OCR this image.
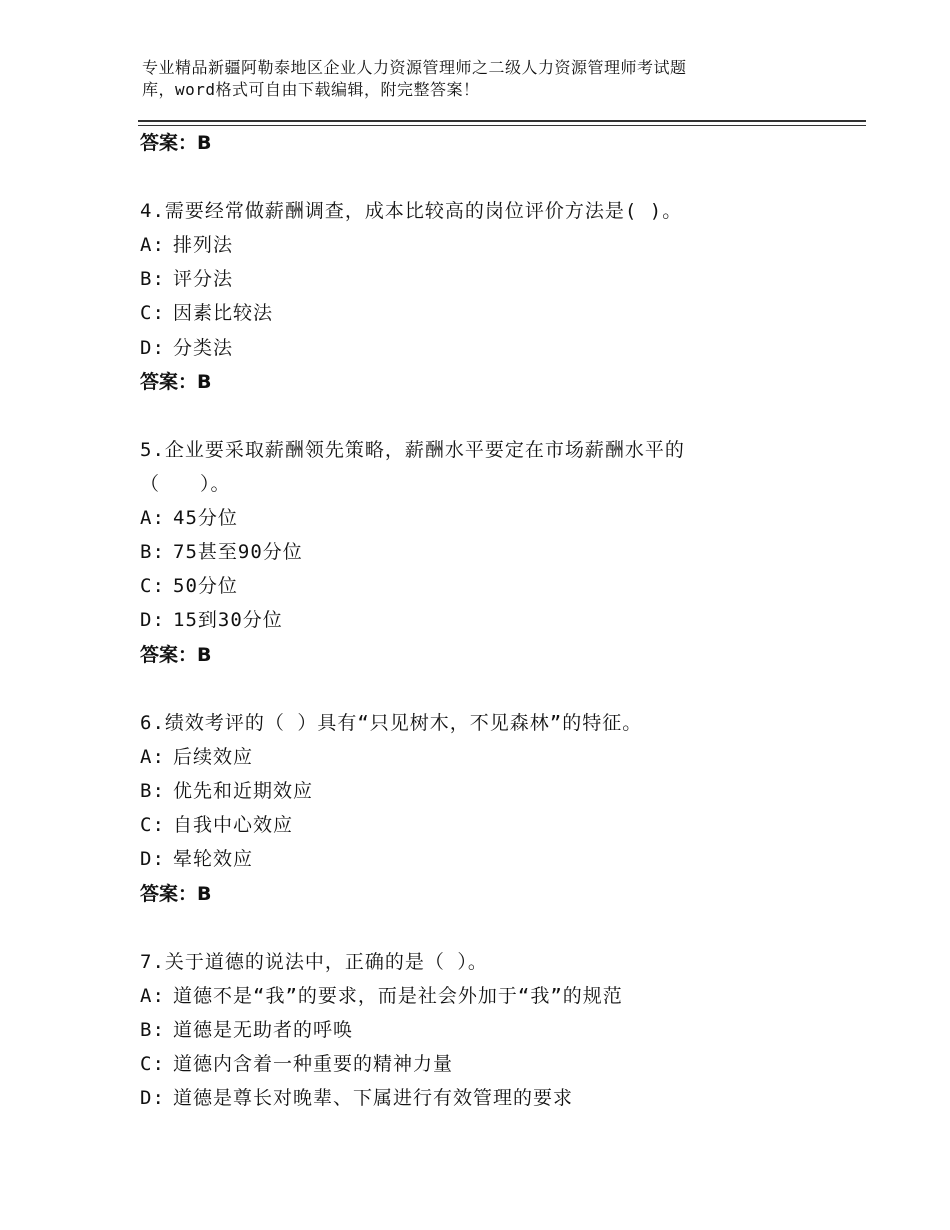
专业精品新疆阿勒泰地区企业人力资源管理师之二级人力资源管理师考试题
库，word格式可自由下载编辑，附完整答案！
答案：B
4.需要经常做薪酬调查，成本比较高的岗位评价方法是( )。
A: 排列法
B: 评分法
C: 因素比较法
D: 分类法
答案：B
5.企业要采取薪酬领先策略，薪酬水平要定在市场薪酬水平的
（　　）。
A: 45分位
B: 75甚至90分位
C: 50分位
D: 15到30分位
答案：B
6.绩效考评的（ ）具有“只见树木，不见森林”的特征。
A: 后续效应
B: 优先和近期效应
C: 自我中心效应
D: 晕轮效应
答案：B
7.关于道德的说法中，正确的是（ ）。
A: 道德不是“我”的要求，而是社会外加于“我”的规范
B: 道德是无助者的呼唤
C: 道德内含着一种重要的精神力量
D: 道德是尊长对晚辈、下属进行有效管理的要求
